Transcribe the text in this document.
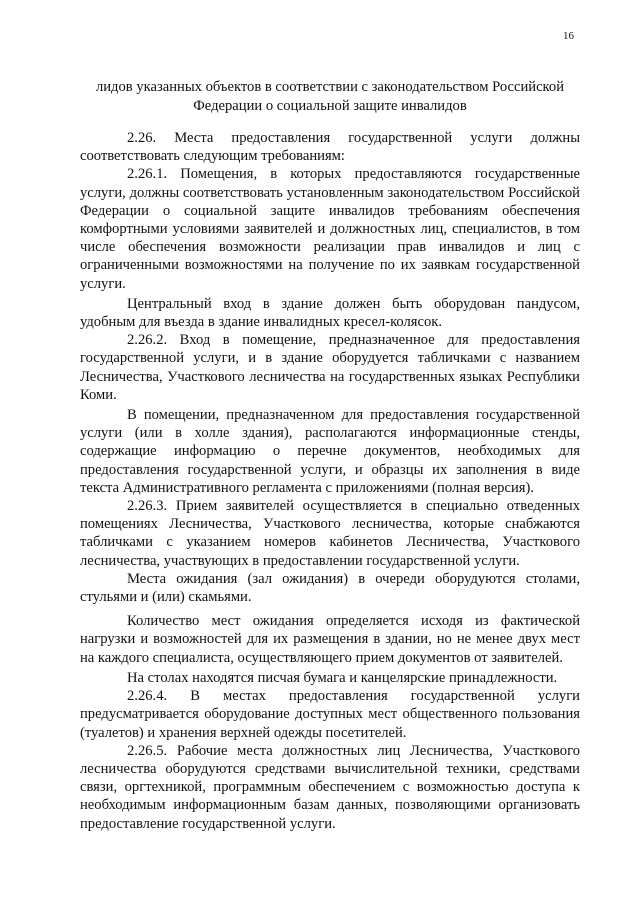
16
лидов указанных объектов в соответствии с законодательством Российской Федерации о социальной защите инвалидов

2.26. Места предоставления государственной услуги должны соответствовать следующим требованиям:

2.26.1. Помещения, в которых предоставляются государственные услуги, должны соответствовать установленным законодательством Российской Федерации о социальной защите инвалидов требованиям обеспечения комфортными условиями заявителей и должностных лиц, специалистов, в том числе обеспечения возможности реализации прав инвалидов и лиц с ограниченными возможностями на получение по их заявкам государственной услуги.

Центральный вход в здание должен быть оборудован пандусом, удобным для въезда в здание инвалидных кресел-колясок.

2.26.2. Вход в помещение, предназначенное для предоставления государственной услуги, и в здание оборудуется табличками с названием Лесничества, Участкового лесничества на государственных языках Республики Коми.

В помещении, предназначенном для предоставления государственной услуги (или в холле здания), располагаются информационные стенды, содержащие информацию о перечне документов, необходимых для предоставления государственной услуги, и образцы их заполнения в виде текста Административного регламента с приложениями (полная версия).

2.26.3. Прием заявителей осуществляется в специально отведенных помещениях Лесничества, Участкового лесничества, которые снабжаются табличками с указанием номеров кабинетов Лесничества, Участкового лесничества, участвующих в предоставлении государственной услуги.

Места ожидания (зал ожидания) в очереди оборудуются столами, стульями и (или) скамьями.

Количество мест ожидания определяется исходя из фактической нагрузки и возможностей для их размещения в здании, но не менее двух мест на каждого специалиста, осуществляющего прием документов от заявителей.

На столах находятся писчая бумага и канцелярские принадлежности.

2.26.4. В местах предоставления государственной услуги предусматривается оборудование доступных мест общественного пользования (туалетов) и хранения верхней одежды посетителей.

2.26.5. Рабочие места должностных лиц Лесничества, Участкового лесничества оборудуются средствами вычислительной техники, средствами связи, оргтехникой, программным обеспечением с возможностью доступа к необходимым информационным базам данных, позволяющими организовать предоставление государственной услуги.
